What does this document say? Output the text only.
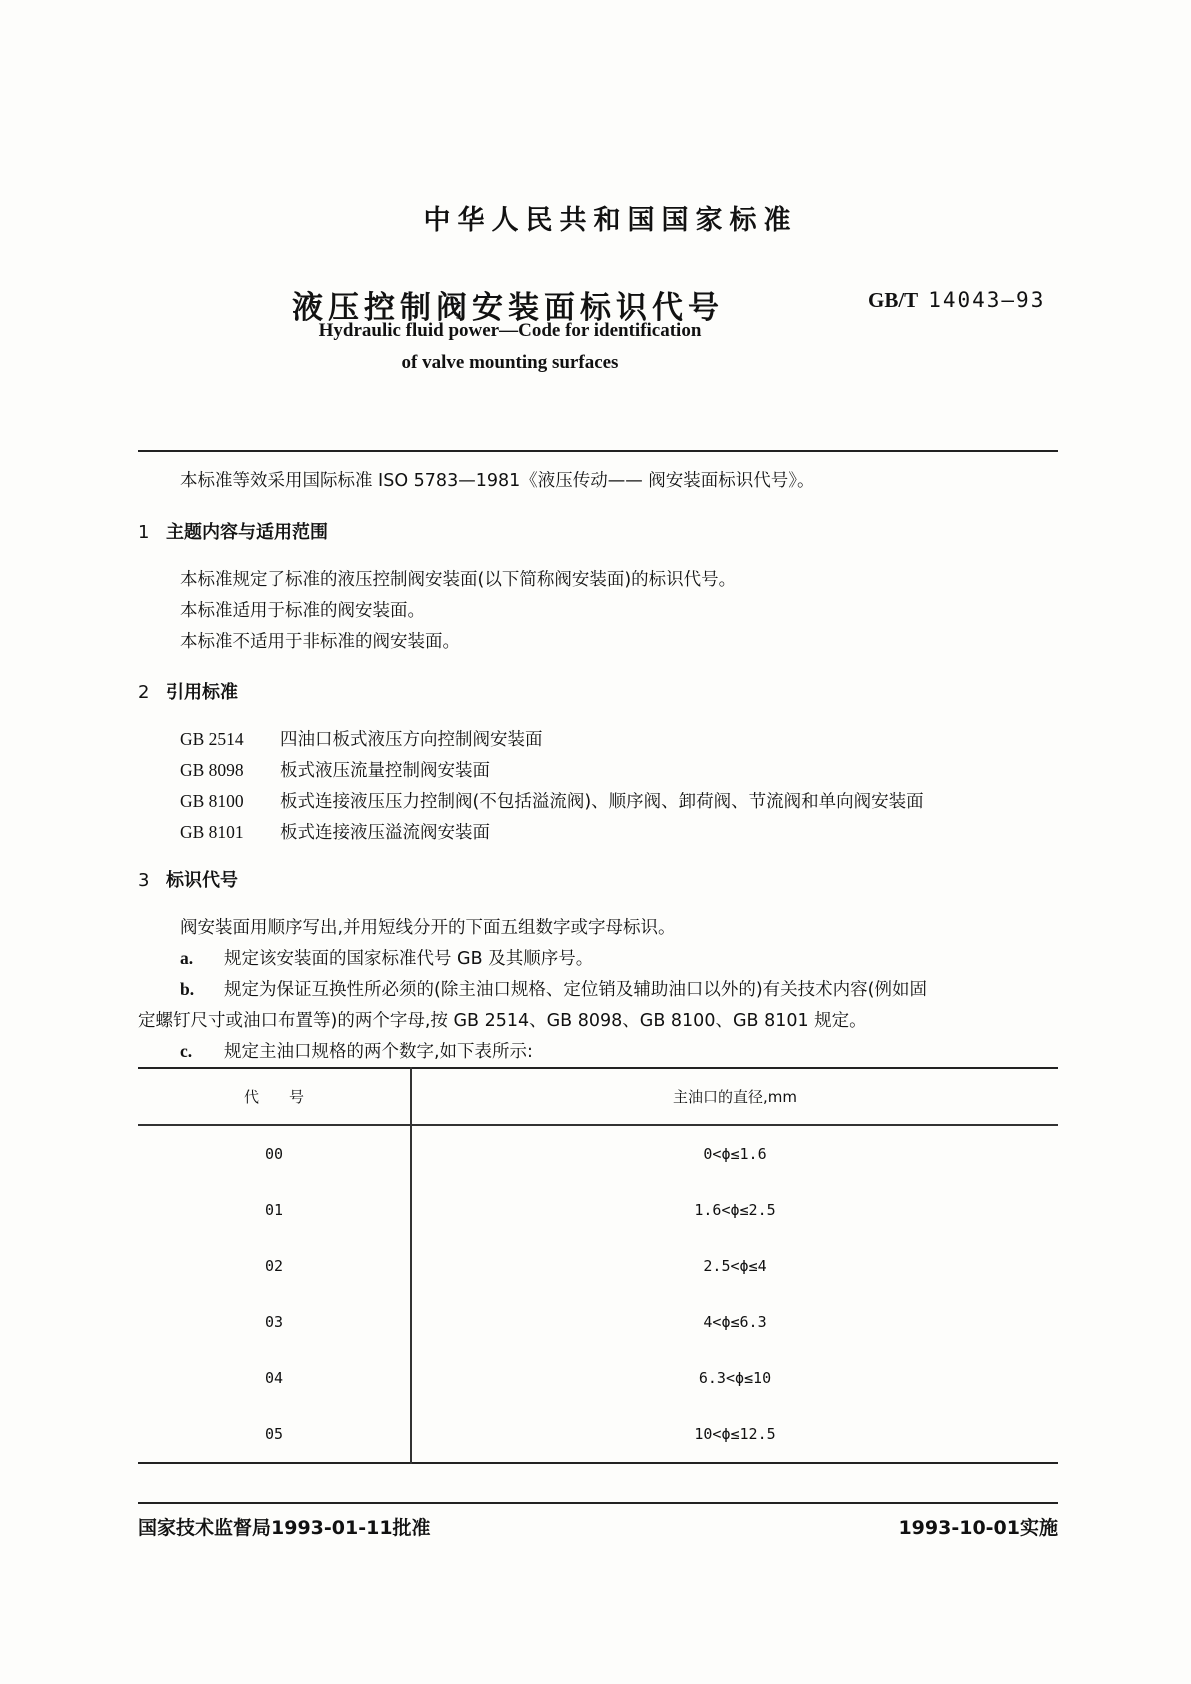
中华人民共和国国家标准
液压控制阀安装面标识代号	GB/T 14043—93
Hydraulic fluid power—Code for identification
of valve mounting surfaces
本标准等效采用国际标准 ISO 5783—1981《液压传动—— 阀安装面标识代号》。
1 主题内容与适用范围
本标准规定了标准的液压控制阀安装面(以下简称阀安装面)的标识代号。
本标准适用于标准的阀安装面。
本标准不适用于非标准的阀安装面。
2 引用标准
GB 2514 四油口板式液压方向控制阀安装面
GB 8098 板式液压流量控制阀安装面
GB 8100 板式连接液压压力控制阀(不包括溢流阀)、顺序阀、卸荷阀、节流阀和单向阀安装面
GB 8101 板式连接液压溢流阀安装面
3 标识代号
阀安装面用顺序写出,并用短线分开的下面五组数字或字母标识。
a. 规定该安装面的国家标准代号 GB 及其顺序号。
b. 规定为保证互换性所必须的(除主油口规格、定位销及辅助油口以外的)有关技术内容(例如固
定螺钉尺寸或油口布置等)的两个字母,按 GB 2514、GB 8098、GB 8100、GB 8101 规定。
c. 规定主油口规格的两个数字,如下表所示:
代　　号	主油口的直径,mm
00	0<ϕ≤1.6
01	1.6<ϕ≤2.5
02	2.5<ϕ≤4
03	4<ϕ≤6.3
04	6.3<ϕ≤10
05	10<ϕ≤12.5
国家技术监督局1993-01-11批准	1993-10-01实施
